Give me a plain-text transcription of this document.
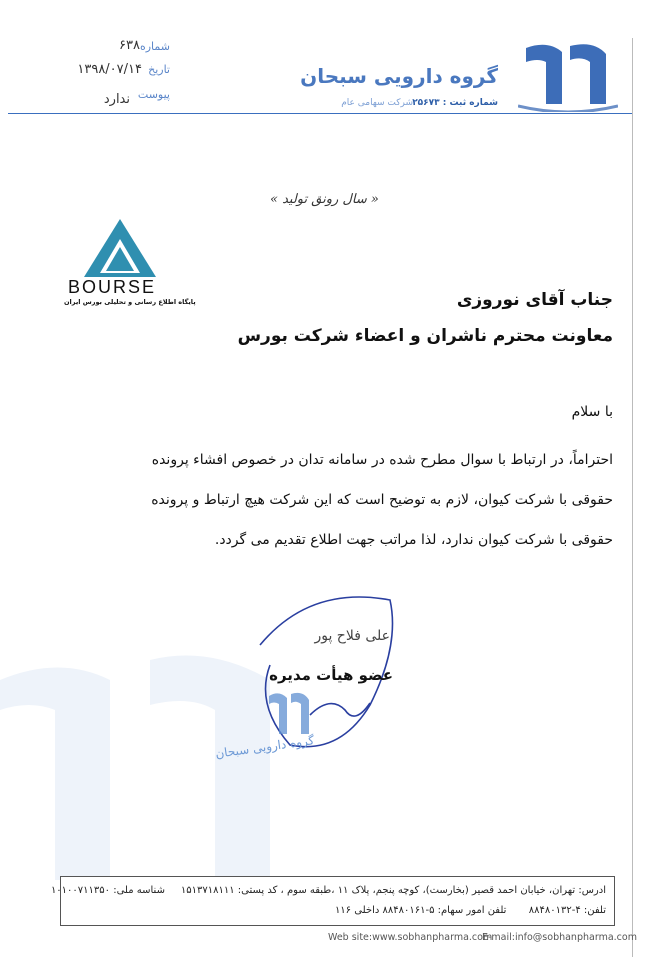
شماره
۶۳۸
تاریخ
۱۳۹۸/۰۷/۱۴
پیوست
ندارد
گروه دارویی سبحان
شماره ثبت : ۲۵۶۷۳
شرکت سهامی عام
« سال رونق تولید »
BOURSE
پایگاه اطلاع رسانی و تحلیلی بورس ایران	جناب آقای نوروزی
معاونت محترم ناشران و اعضاء شرکت بورس
با سلام
احتراماً، در ارتباط با سوال مطرح شده در سامانه تدان در خصوص افشاء پرونده
حقوقی با شرکت کیوان، لازم به توضیح است که این شرکت هیچ ارتباط و پرونده
حقوقی با شرکت کیوان ندارد، لذا مراتب جهت اطلاع تقدیم می گردد.
علی فلاح پور
عضو هیأت مدیره
گروه دارویی سبحان
ادرس: تهران، خیابان احمد قصیر (بخارست)، کوچه پنجم، پلاک ۱۱ ،طبقه سوم ، کد پستی: ۱۵۱۳۷۱۸۱۱۱     شناسه ملی: ۱۰۱۰۰۷۱۱۳۵۰
تلفن: ۴-۸۸۴۸۰۱۳۲       تلفن امور سهام: ۵-۸۸۴۸۰۱۶۱ داخلی ۱۱۶
Web site:www.sobhanpharma.com
E-mail:info@sobhanpharma.com
